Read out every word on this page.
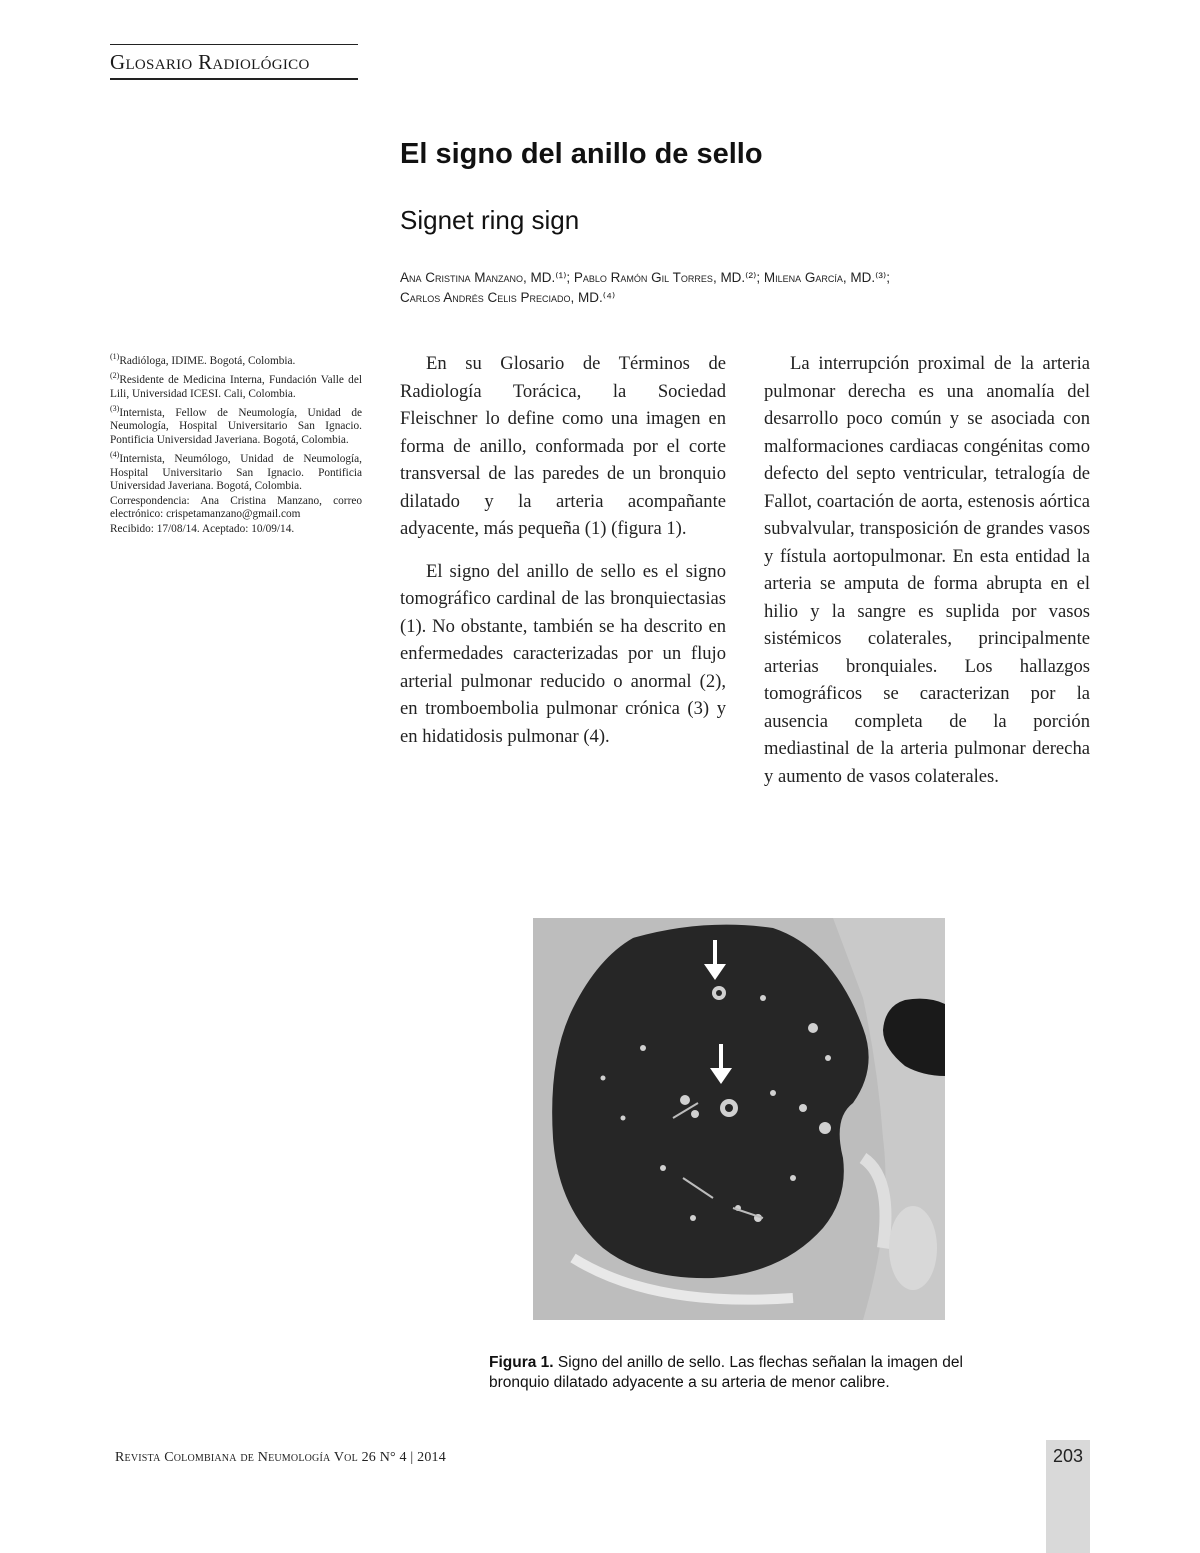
Glosario Radiológico
El signo del anillo de sello
Signet ring sign
Ana Cristina Manzano, MD.⁽¹⁾; Pablo Ramón Gil Torres, MD.⁽²⁾; Milena García, MD.⁽³⁾;
Carlos Andrés Celis Preciado, MD.⁽⁴⁾

$^{(1)}$Radióloga, IDIME. Bogotá, Colombia.

$^{(2)}$Residente de Medicina Interna, Fundación Valle del Lili, Universidad ICESI. Cali, Colombia.

$^{(3)}$Internista, Fellow de Neumología, Unidad de Neumología, Hospital Universitario San Ignacio. Pontificia Universidad Javeriana. Bogotá, Colombia.

$^{(4)}$Internista, Neumólogo, Unidad de Neumología, Hospital Universitario San Ignacio. Pontificia Universidad Javeriana. Bogotá, Colombia.

Correspondencia: Ana Cristina Manzano, correo electrónico: crispetamanzano@gmail.com

Recibido: 17/08/14. Aceptado: 10/09/14.

En su Glosario de Términos de Radiología Torácica, la Sociedad Fleischner lo define como una imagen en forma de anillo, conformada por el corte transversal de las paredes de un bronquio dilatado y la arteria acompañante adyacente, más pequeña (1) (figura 1).

El signo del anillo de sello es el signo tomográfico cardinal de las bronquiectasias (1). No obstante, también se ha descrito en enfermedades caracterizadas por un flujo arterial pulmonar reducido o anormal (2), en tromboembolia pulmonar crónica (3) y en hidatidosis pulmonar (4).

La interrupción proximal de la arteria pulmonar derecha es una anomalía del desarrollo poco común y se asociada con malformaciones cardiacas congénitas como defecto del septo ventricular, tetralogía de Fallot, coartación de aorta, estenosis aórtica subvalvular, transposición de grandes vasos y fístula aortopulmonar. En esta entidad la arteria se amputa de forma abrupta en el hilio y la sangre es suplida por vasos sistémicos colaterales, principalmente arterias bronquiales. Los hallazgos tomográficos se caracterizan por la ausencia completa de la porción mediastinal de la arteria pulmonar derecha y aumento de vasos colaterales.

Figura 1. Signo del anillo de sello. Las flechas señalan la imagen del bronquio dilatado adyacente a su arteria de menor calibre.
Revista Colombiana de Neumología Vol 26 N° 4 | 2014	203
